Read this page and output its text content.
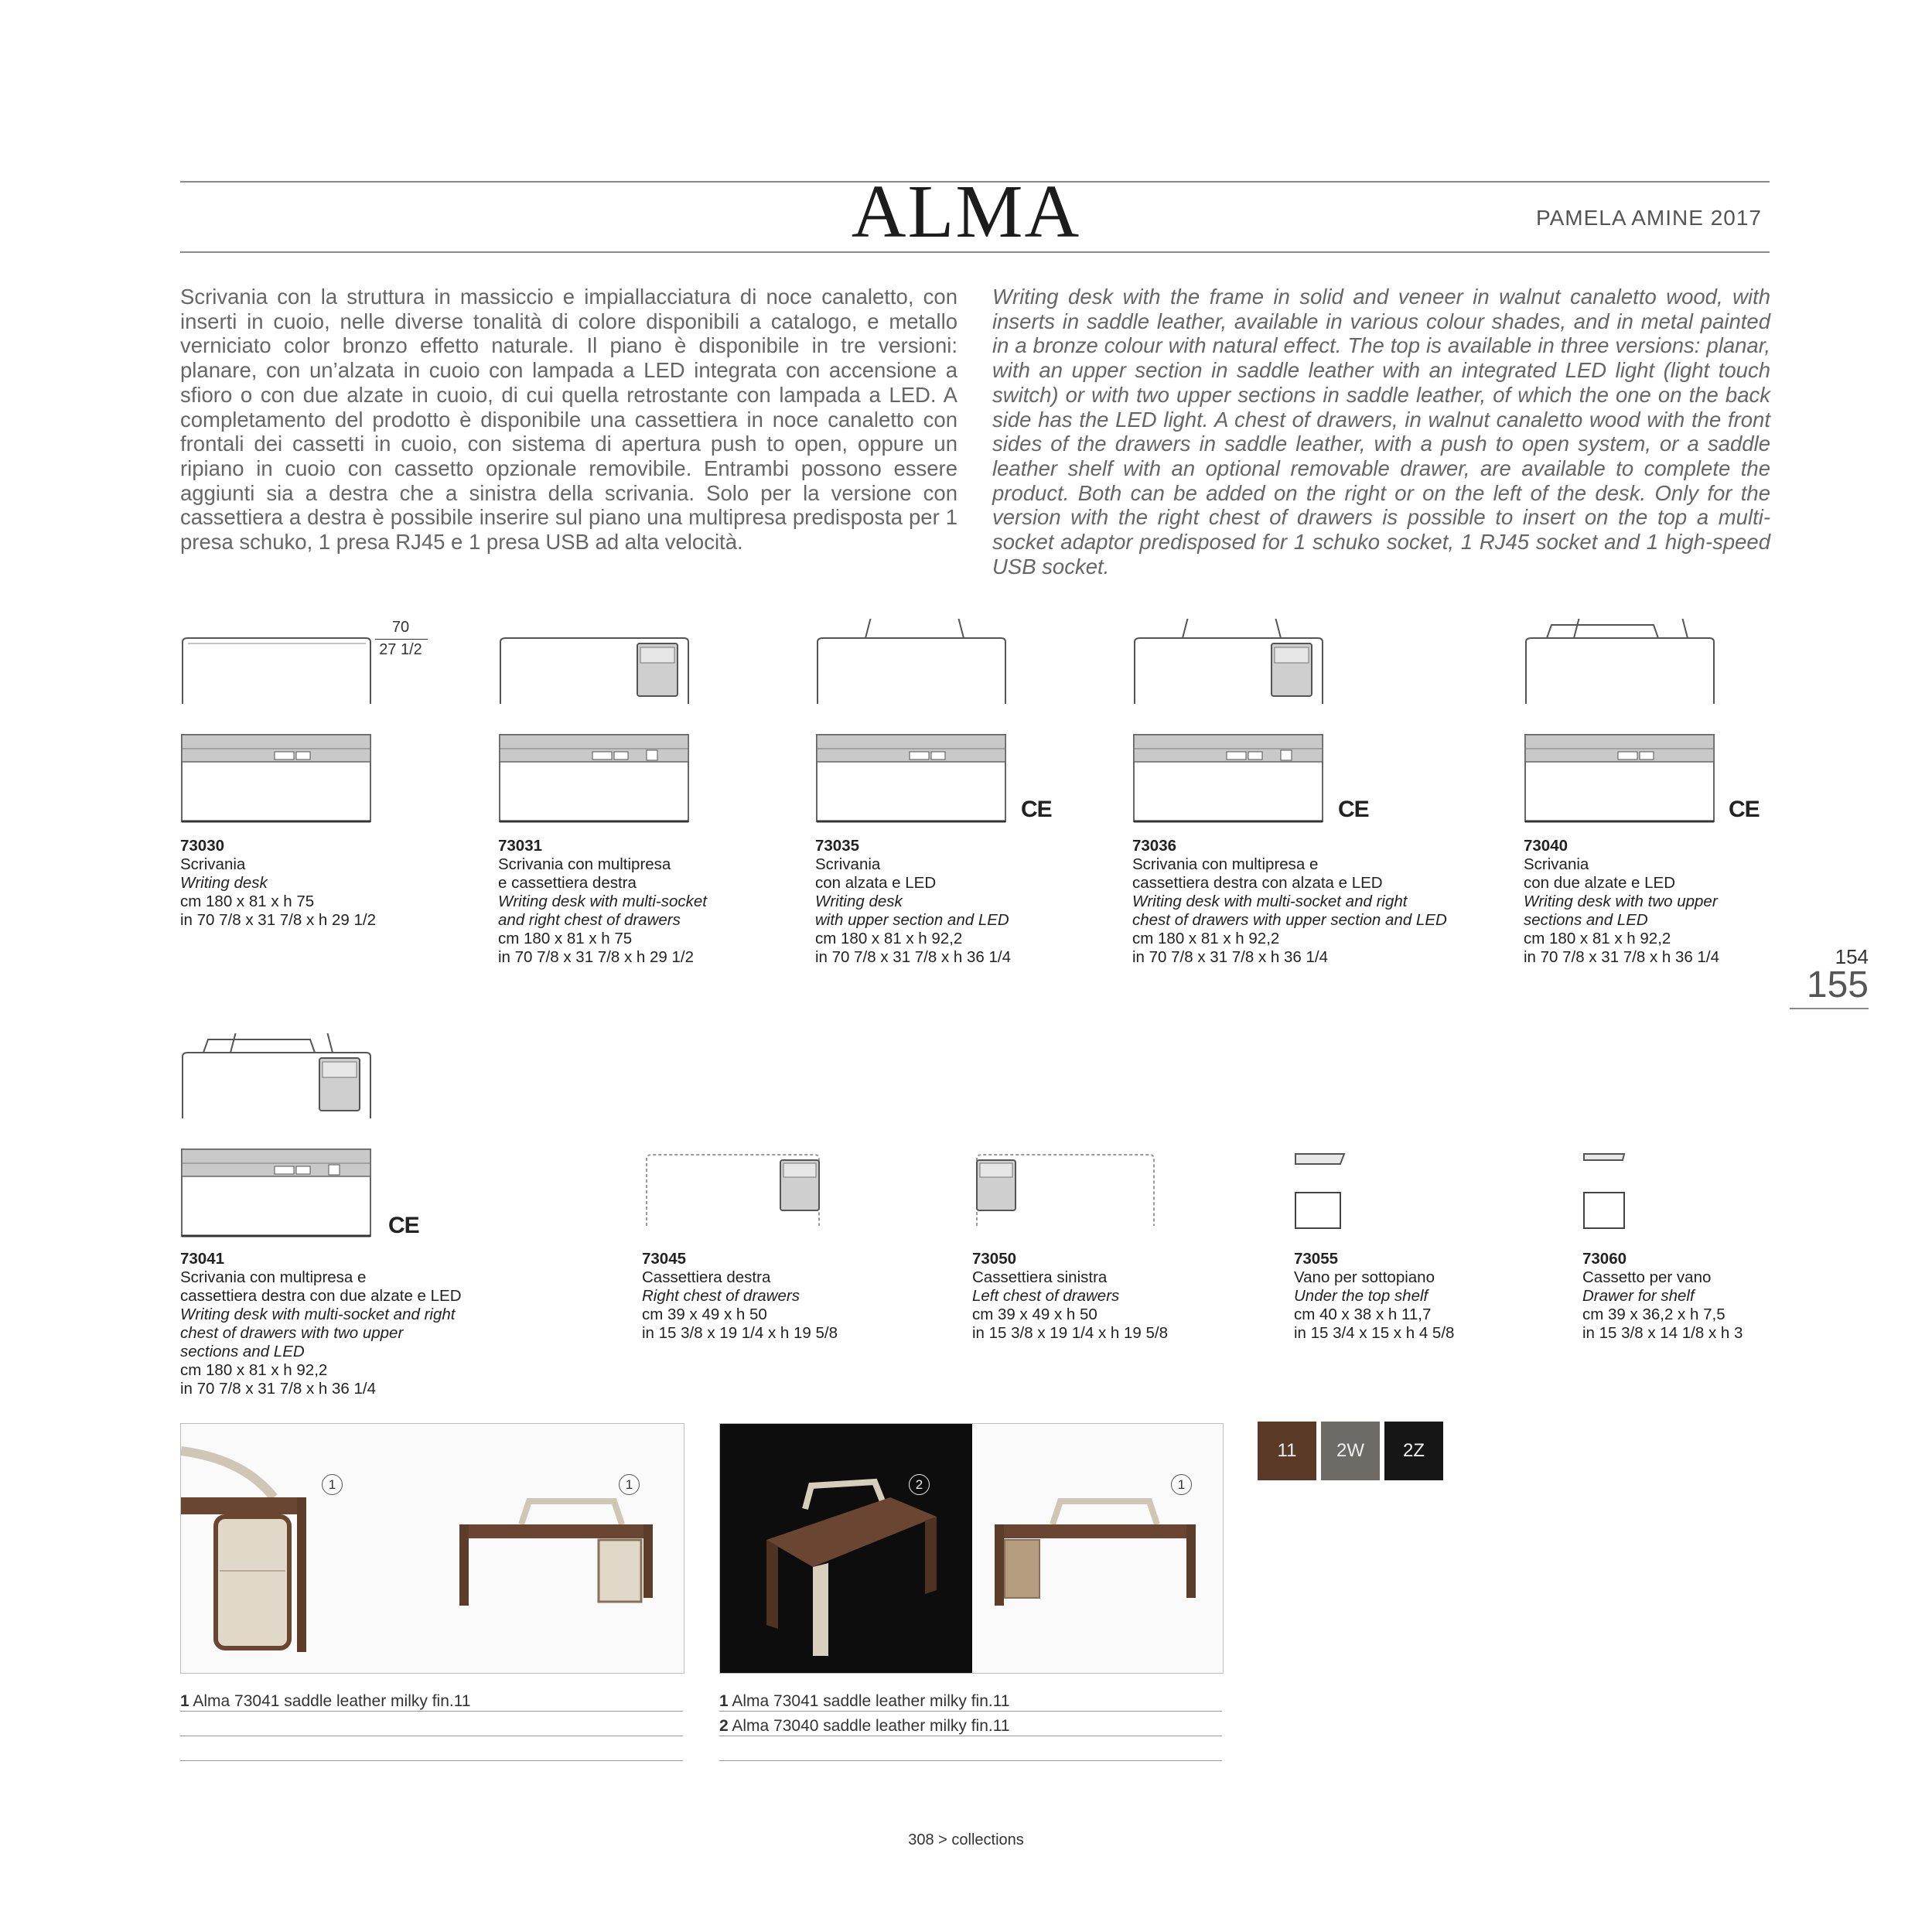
ALMA	PAMELA AMINE 2017
Scrivania con la struttura in massiccio e impiallacciatura di noce canaletto, con inserti in cuoio, nelle diverse tonalità di colore disponibili a catalogo, e metallo verniciato color bronzo effetto naturale. Il piano è disponibile in tre versioni: planare, con un’alzata in cuoio con lampada a LED integrata con accensione a sfioro o con due alzate in cuoio, di cui quella retrostante con lampada a LED. A completamento del prodotto è disponibile una cassettiera in noce canaletto con frontali dei cassetti in cuoio, con sistema di apertura push to open, oppure un ripiano in cuoio con cassetto opzionale removibile. Entrambi possono essere aggiunti sia a destra che a sinistra della scrivania. Solo per la versione con cassettiera a destra è possibile inserire sul piano una multipresa predisposta per 1 presa schuko, 1 presa RJ45 e 1 presa USB ad alta velocità.
Writing desk with the frame in solid and veneer in walnut canaletto wood, with inserts in saddle leather, available in various colour shades, and in metal painted in a bronze colour with natural effect. The top is available in three versions: planar, with an upper section in saddle leather with an integrated LED light (light touch switch) or with two upper sections in saddle leather, of which the one on the back side has the LED light. A chest of drawers, in walnut canaletto wood with the front sides of the drawers in saddle leather, with a push to open system, or a saddle leather shelf with an optional removable drawer, are available to complete the product. Both can be added on the right or on the left of the desk. Only for the version with the right chest of drawers is possible to insert on the top a multi-socket adaptor predisposed for 1 schuko socket, 1 RJ45 socket and 1 high-speed USB socket.
70
27 1/2
CE	CE	CE
73030
Scrivania
Writing desk
cm 180 x 81 x h 75
in 70 7/8 x 31 7/8 x h 29 1/2
73031
Scrivania con multipresa
e cassettiera destra
Writing desk with multi-socket
and right chest of drawers
cm 180 x 81 x h 75
in 70 7/8 x 31 7/8 x h 29 1/2
73035
Scrivania
con alzata e LED
Writing desk
with upper section and LED
cm 180 x 81 x h 92,2
in 70 7/8 x 31 7/8 x h 36 1/4
73036
Scrivania con multipresa e
cassettiera destra con alzata e LED
Writing desk with multi-socket and right
chest of drawers with upper section and LED
cm 180 x 81 x h 92,2
in 70 7/8 x 31 7/8 x h 36 1/4
73040
Scrivania
con due alzate e LED
Writing desk with two upper
sections and LED
cm 180 x 81 x h 92,2
in 70 7/8 x 31 7/8 x h 36 1/4	154
155
CE
73041
Scrivania con multipresa e
cassettiera destra con due alzate e LED
Writing desk with multi-socket and right
chest of drawers with two upper
sections and LED
cm 180 x 81 x h 92,2
in 70 7/8 x 31 7/8 x h 36 1/4
73045
Cassettiera destra
Right chest of drawers
cm 39 x 49 x h 50
in 15 3/8 x 19 1/4 x h 19 5/8
73050
Cassettiera sinistra
Left chest of drawers
cm 39 x 49 x h 50
in 15 3/8 x 19 1/4 x h 19 5/8
73055
Vano per sottopiano
Under the top shelf
cm 40 x 38 x h 11,7
in 15 3/4 x 15 x h 4 5/8
73060
Cassetto per vano
Drawer for shelf
cm 39 x 36,2 x h 7,5
in 15 3/8 x 14 1/8 x h 3
1	1	2	1
11	2W	2Z
1 Alma 73041 saddle leather milky fin.11	1 Alma 73041 saddle leather milky fin.11
2 Alma 73040 saddle leather milky fin.11
308 > collections
